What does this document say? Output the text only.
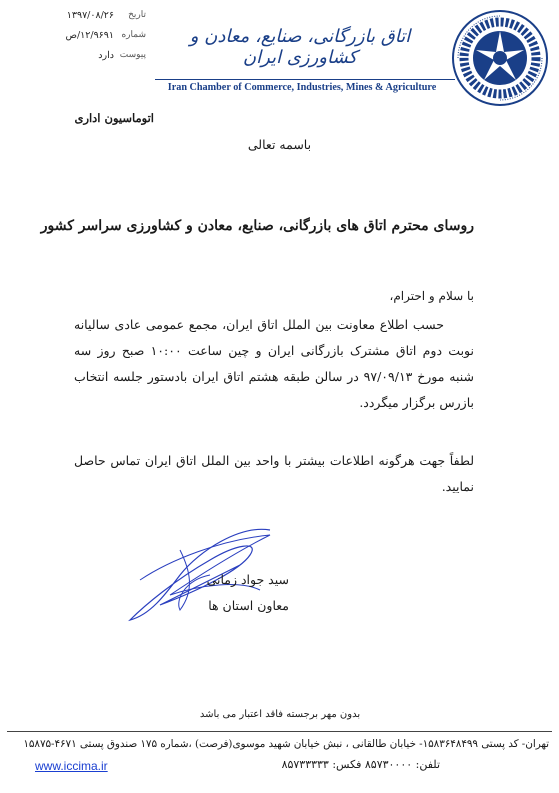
تاریخ
۱۳۹۷/۰۸/۲۶
شماره
۱۲/۹۶۹۱/ص
پیوست
دارد
اتاق بازرگانی، صنایع، معادن و کشاورزی ایران
Iran Chamber of Commerce, Industries, Mines & Agriculture
اتوماسیون اداری
باسمه تعالی
روسای محترم اتاق های بازرگانی، صنایع، معادن و کشاورزی سراسر کشور
با سلام و احترام،
حسب اطلاع معاونت بین الملل اتاق ایران، مجمع عمومی عادی سالیانه نوبت دوم اتاق مشترک بازرگانی ایران و چین ساعت ۱۰:۰۰ صبح روز سه شنبه مورخ ۹۷/۰۹/۱۳ در سالن طبقه هشتم اتاق ایران بادستور جلسه انتخاب بازرس برگزار میگردد.
لطفاً جهت هرگونه اطلاعات بیشتر با واحد بین الملل اتاق ایران تماس حاصل نمایید.
سید جواد زمانی
معاون استان ها
بدون مهر برجسته فاقد اعتبار می باشد
تهران- کد پستی ۱۵۸۳۶۴۸۴۹۹- خیابان طالقانی ، نبش خیابان شهید موسوی(فرصت) ،شماره ۱۷۵ صندوق پستی ۴۶۷۱-۱۵۸۷۵
تلفن: ۸۵۷۳۰۰۰۰ فکس: ۸۵۷۳۳۳۳۳
www.iccima.ir
